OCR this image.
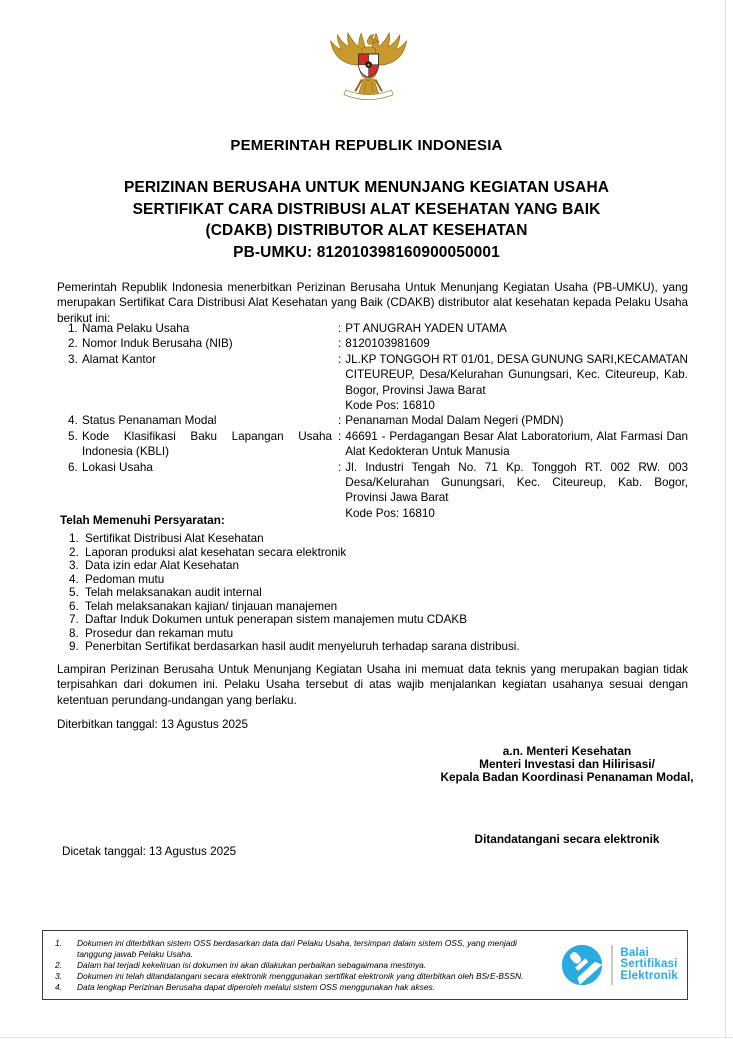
★
PEMERINTAH REPUBLIK INDONESIA
PERIZINAN BERUSAHA UNTUK MENUNJANG KEGIATAN USAHA
SERTIFIKAT CARA DISTRIBUSI ALAT KESEHATAN YANG BAIK
(CDAKB) DISTRIBUTOR ALAT KESEHATAN
PB-UMKU: 812010398160900050001
Pemerintah Republik Indonesia menerbitkan Perizinan Berusaha Untuk Menunjang Kegiatan Usaha (PB-UMKU), yang merupakan Sertifikat Cara Distribusi Alat Kesehatan yang Baik (CDAKB) distributor alat kesehatan kepada Pelaku Usaha berikut ini:
1. Nama Pelaku Usaha	: PT ANUGRAH YADEN UTAMA
2. Nomor Induk Berusaha (NIB)	: 8120103981609
3. Alamat Kantor	: JL.KP TONGGOH RT 01/01, DESA GUNUNG SARI,KECAMATAN CITEUREUP, Desa/Kelurahan Gunungsari, Kec. Citeureup, Kab. Bogor, Provinsi Jawa Barat
Kode Pos: 16810
4. Status Penanaman Modal	: Penanaman Modal Dalam Negeri (PMDN)
5. Kode Klasifikasi Baku Lapangan Usaha Indonesia (KBLI)
: 46691 - Perdagangan Besar Alat Laboratorium, Alat Farmasi Dan Alat Kedokteran Untuk Manusia
6. Lokasi Usaha	: Jl. Industri Tengah No. 71 Kp. Tonggoh RT. 002 RW. 003 Desa/Kelurahan Gunungsari, Kec. Citeureup, Kab. Bogor, Provinsi Jawa Barat
Kode Pos: 16810
Telah Memenuhi Persyaratan:
1. Sertifikat Distribusi Alat Kesehatan
2. Laporan produksi alat kesehatan secara elektronik
3. Data izin edar Alat Kesehatan
4. Pedoman mutu
5. Telah melaksanakan audit internal
6. Telah melaksanakan kajian/ tinjauan manajemen
7. Daftar Induk Dokumen untuk penerapan sistem manajemen mutu CDAKB
8. Prosedur dan rekaman mutu
9. Penerbitan Sertifikat berdasarkan hasil audit menyeluruh terhadap sarana distribusi.
Lampiran Perizinan Berusaha Untuk Menunjang Kegiatan Usaha ini memuat data teknis yang merupakan bagian tidak terpisahkan dari dokumen ini. Pelaku Usaha tersebut di atas wajib menjalankan kegiatan usahanya sesuai dengan ketentuan perundang-undangan yang berlaku.
Diterbitkan tanggal: 13 Agustus 2025
a.n. Menteri Kesehatan
Menteri Investasi dan Hilirisasi/
Kepala Badan Koordinasi Penanaman Modal,
Ditandatangani secara elektronik
Dicetak tanggal: 13 Agustus 2025
1.	Dokumen ini diterbitkan sistem OSS berdasarkan data dari Pelaku Usaha, tersimpan dalam sistem OSS, yang menjadi tanggung jawab Pelaku Usaha.
2.	Dalam hal terjadi kekeliruan isi dokumen ini akan dilakukan perbaikan sebagaimana mestinya.
3.	Dokumen ini telah ditandatangani secara elektronik menggunakan sertifikat elektronik yang diterbitkan oleh BSrE-BSSN.
4.	Data lengkap Perizinan Berusaha dapat diperoleh melalui sistem OSS menggunakan hak akses.
Balai
Sertifikasi
Elektronik
